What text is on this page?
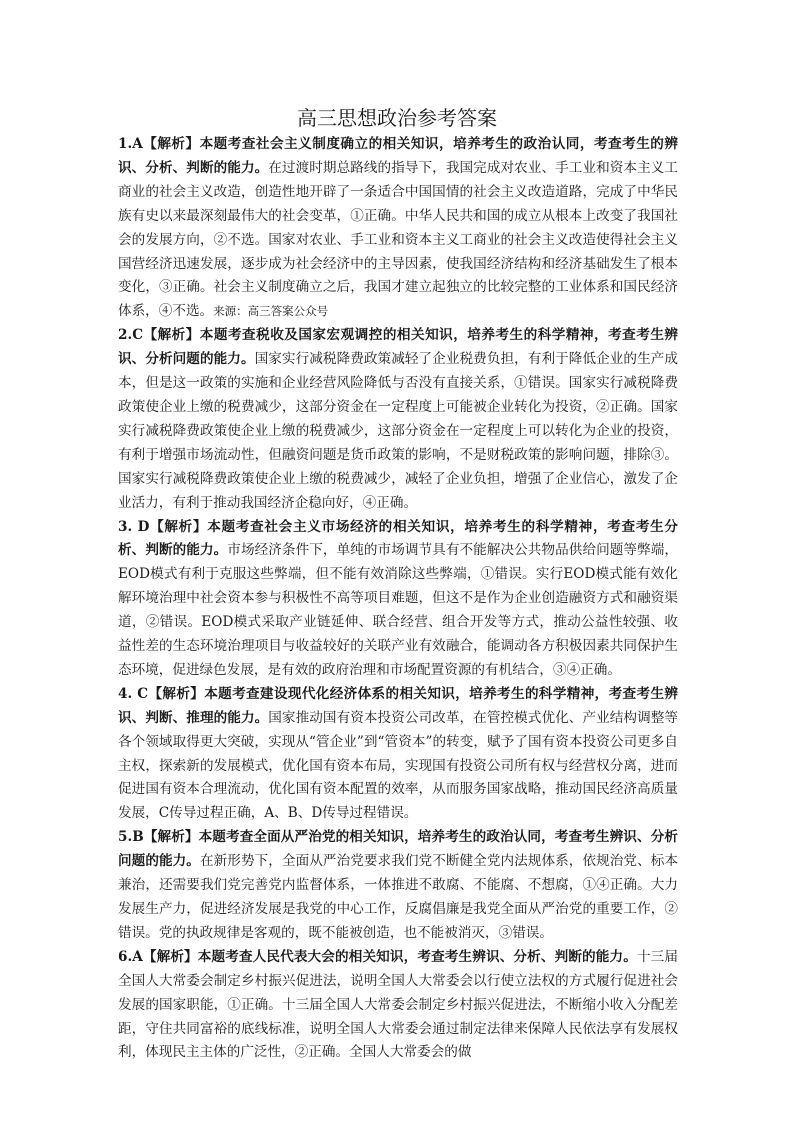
高三思想政治参考答案

1.A【解析】本题考查社会主义制度确立的相关知识，培养考生的政治认同，考查考生的辨识、分析、判断的能力。在过渡时期总路线的指导下，我国完成对农业、手工业和资本主义工商业的社会主义改造，创造性地开辟了一条适合中国国情的社会主义改造道路，完成了中华民族有史以来最深刻最伟大的社会变革，①正确。中华人民共和国的成立从根本上改变了我国社会的发展方向，②不选。国家对农业、手工业和资本主义工商业的社会主义改造使得社会主义国营经济迅速发展，逐步成为社会经济中的主导因素，使我国经济结构和经济基础发生了根本变化，③正确。社会主义制度确立之后，我国才建立起独立的比较完整的工业体系和国民经济体系，④不选。来源：高三答案公众号

2.C【解析】本题考查税收及国家宏观调控的相关知识，培养考生的科学精神，考查考生辨识、分析问题的能力。国家实行减税降费政策减轻了企业税费负担，有利于降低企业的生产成本，但是这一政策的实施和企业经营风险降低与否没有直接关系，①错误。国家实行减税降费政策使企业上缴的税费减少，这部分资金在一定程度上可能被企业转化为投资，②正确。国家实行减税降费政策使企业上缴的税费减少，这部分资金在一定程度上可以转化为企业的投资，有利于增强市场流动性，但融资问题是货币政策的影响，不是财税政策的影响问题，排除③。国家实行减税降费政策使企业上缴的税费减少，减轻了企业负担，增强了企业信心，激发了企业活力，有利于推动我国经济企稳向好，④正确。

3. D【解析】本题考查社会主义市场经济的相关知识，培养考生的科学精神，考查考生分析、判断的能力。市场经济条件下，单纯的市场调节具有不能解决公共物品供给问题等弊端，EOD模式有利于克服这些弊端，但不能有效消除这些弊端，①错误。实行EOD模式能有效化解环境治理中社会资本参与积极性不高等项目难题，但这不是作为企业创造融资方式和融资渠道，②错误。EOD模式采取产业链延伸、联合经营、组合开发等方式，推动公益性较强、收益性差的生态环境治理项目与收益较好的关联产业有效融合，能调动各方积极因素共同保护生态环境，促进绿色发展，是有效的政府治理和市场配置资源的有机结合，③④正确。

4. C【解析】本题考查建设现代化经济体系的相关知识，培养考生的科学精神，考查考生辨识、判断、推理的能力。国家推动国有资本投资公司改革，在管控模式优化、产业结构调整等各个领域取得更大突破，实现从“管企业”到“管资本”的转变，赋予了国有资本投资公司更多自主权，探索新的发展模式，优化国有资本布局，实现国有投资公司所有权与经营权分离，进而促进国有资本合理流动，优化国有资本配置的效率，从而服务国家战略，推动国民经济高质量发展，C传导过程正确，A、B、D传导过程错误。

5.B【解析】本题考查全面从严治党的相关知识，培养考生的政治认同，考查考生辨识、分析问题的能力。在新形势下，全面从严治党要求我们党不断健全党内法规体系，依规治党、标本兼治，还需要我们党完善党内监督体系，一体推进不敢腐、不能腐、不想腐，①④正确。大力发展生产力，促进经济发展是我党的中心工作，反腐倡廉是我党全面从严治党的重要工作，②错误。党的执政规律是客观的，既不能被创造，也不能被消灭，③错误。

6.A【解析】本题考查人民代表大会的相关知识，考查考生辨识、分析、判断的能力。十三届全国人大常委会制定乡村振兴促进法，说明全国人大常委会以行使立法权的方式履行促进社会发展的国家职能，①正确。十三届全国人大常委会制定乡村振兴促进法，不断缩小收入分配差距，守住共同富裕的底线标准，说明全国人大常委会通过制定法律来保障人民依法享有发展权利，体现民主主体的广泛性，②正确。全国人大常委会的做
